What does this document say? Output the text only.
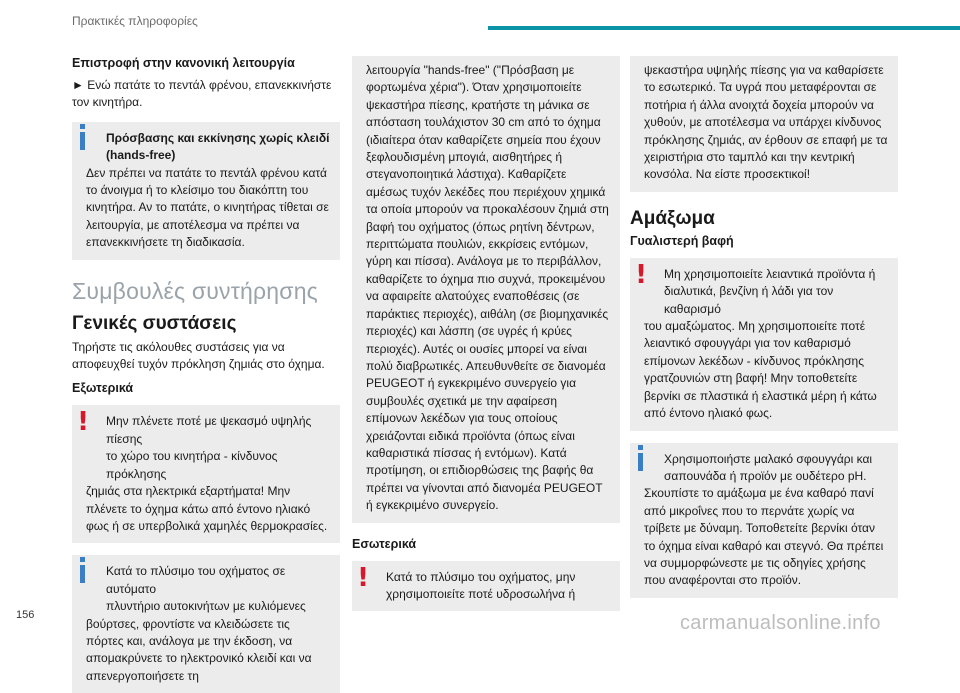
Πρακτικές πληροφορίες
Επιστροφή στην κανονική λειτουργία

► Ενώ πατάτε το πεντάλ φρένου, επανεκκινήστε τον κινητήρα.

Πρόσβασης και εκκίνησης χωρίς κλειδί
(hands-free)

Δεν πρέπει να πατάτε το πεντάλ φρένου κατά το άνοιγμα ή το κλείσιμο του διακόπτη του κινητήρα. Αν το πατάτε, ο κινητήρας τίθεται σε λειτουργία, με αποτέλεσμα να πρέπει να επανεκκινήσετε τη διαδικασία.

Συμβουλές συντήρησης
Γενικές συστάσεις

Τηρήστε τις ακόλουθες συστάσεις για να αποφευχθεί τυχόν πρόκληση ζημιάς στο όχημα.

Εξωτερικά
!	Μην πλένετε ποτέ με ψεκασμό υψηλής πίεσης
το χώρο του κινητήρα - κίνδυνος πρόκλησης

ζημιάς στα ηλεκτρικά εξαρτήματα! Μην πλένετε το όχημα κάτω από έντονο ηλιακό φως ή σε υπερβολικά χαμηλές θερμοκρασίες.

Κατά το πλύσιμο του οχήματος σε αυτόματο
πλυντήριο αυτοκινήτων με κυλιόμενες

βούρτσες, φροντίστε να κλειδώσετε τις πόρτες και, ανάλογα με την έκδοση, να απομακρύνετε το ηλεκτρονικό κλειδί και να απενεργοποιήσετε τη

λειτουργία "hands-free" ("Πρόσβαση με φορτωμένα χέρια"). Όταν χρησιμοποιείτε ψεκαστήρα πίεσης, κρατήστε τη μάνικα σε απόσταση τουλάχιστον 30 cm από το όχημα (ιδιαίτερα όταν καθαρίζετε σημεία που έχουν ξεφλουδισμένη μπογιά, αισθητήρες ή στεγανοποιητικά λάστιχα). Καθαρίζετε αμέσως τυχόν λεκέδες που περιέχουν χημικά τα οποία μπορούν να προκαλέσουν ζημιά στη βαφή του οχήματος (όπως ρητίνη δέντρων, περιττώματα πουλιών, εκκρίσεις εντόμων, γύρη και πίσσα). Ανάλογα με το περιβάλλον, καθαρίζετε το όχημα πιο συχνά, προκειμένου να αφαιρείτε αλατούχες εναποθέσεις (σε παράκτιες περιοχές), αιθάλη (σε βιομηχανικές περιοχές) και λάσπη (σε υγρές ή κρύες περιοχές). Αυτές οι ουσίες μπορεί να είναι πολύ διαβρωτικές. Απευθυνθείτε σε διανομέα PEUGEOT ή εγκεκριμένο συνεργείο για συμβουλές σχετικά με την αφαίρεση επίμονων λεκέδων για τους οποίους χρειάζονται ειδικά προϊόντα (όπως είναι καθαριστικά πίσσας ή εντόμων). Κατά προτίμηση, οι επιδιορθώσεις της βαφής θα πρέπει να γίνονται από διανομέα PEUGEOT ή εγκεκριμένο συνεργείο.

Εσωτερικά
!	Κατά το πλύσιμο του οχήματος, μην
χρησιμοποιείτε ποτέ υδροσωλήνα ή

ψεκαστήρα υψηλής πίεσης για να καθαρίσετε το εσωτερικό. Τα υγρά που μεταφέρονται σε ποτήρια ή άλλα ανοιχτά δοχεία μπορούν να χυθούν, με αποτέλεσμα να υπάρχει κίνδυνος πρόκλησης ζημιάς, αν έρθουν σε επαφή με τα χειριστήρια στο ταμπλό και την κεντρική κονσόλα. Να είστε προσεκτικοί!

Αμάξωμα
Γυαλιστερή βαφή
!	Μη χρησιμοποιείτε λειαντικά προϊόντα ή
διαλυτικά, βενζίνη ή λάδι για τον καθαρισμό

του αμαξώματος. Μη χρησιμοποιείτε ποτέ λειαντικό σφουγγάρι για τον καθαρισμό επίμονων λεκέδων - κίνδυνος πρόκλησης γρατζουνιών στη βαφή! Μην τοποθετείτε βερνίκι σε πλαστικά ή ελαστικά μέρη ή κάτω από έντονο ηλιακό φως.

Χρησιμοποιήστε μαλακό σφουγγάρι και
σαπουνάδα ή προϊόν με ουδέτερο pH.

Σκουπίστε το αμάξωμα με ένα καθαρό πανί από μικροΐνες που το περνάτε χωρίς να τρίβετε με δύναμη. Τοποθετείτε βερνίκι όταν το όχημα είναι καθαρό και στεγνό. Θα πρέπει να συμμορφώνεστε με τις οδηγίες χρήσης που αναφέρονται στο προϊόν.

156	carmanualsonline.info
